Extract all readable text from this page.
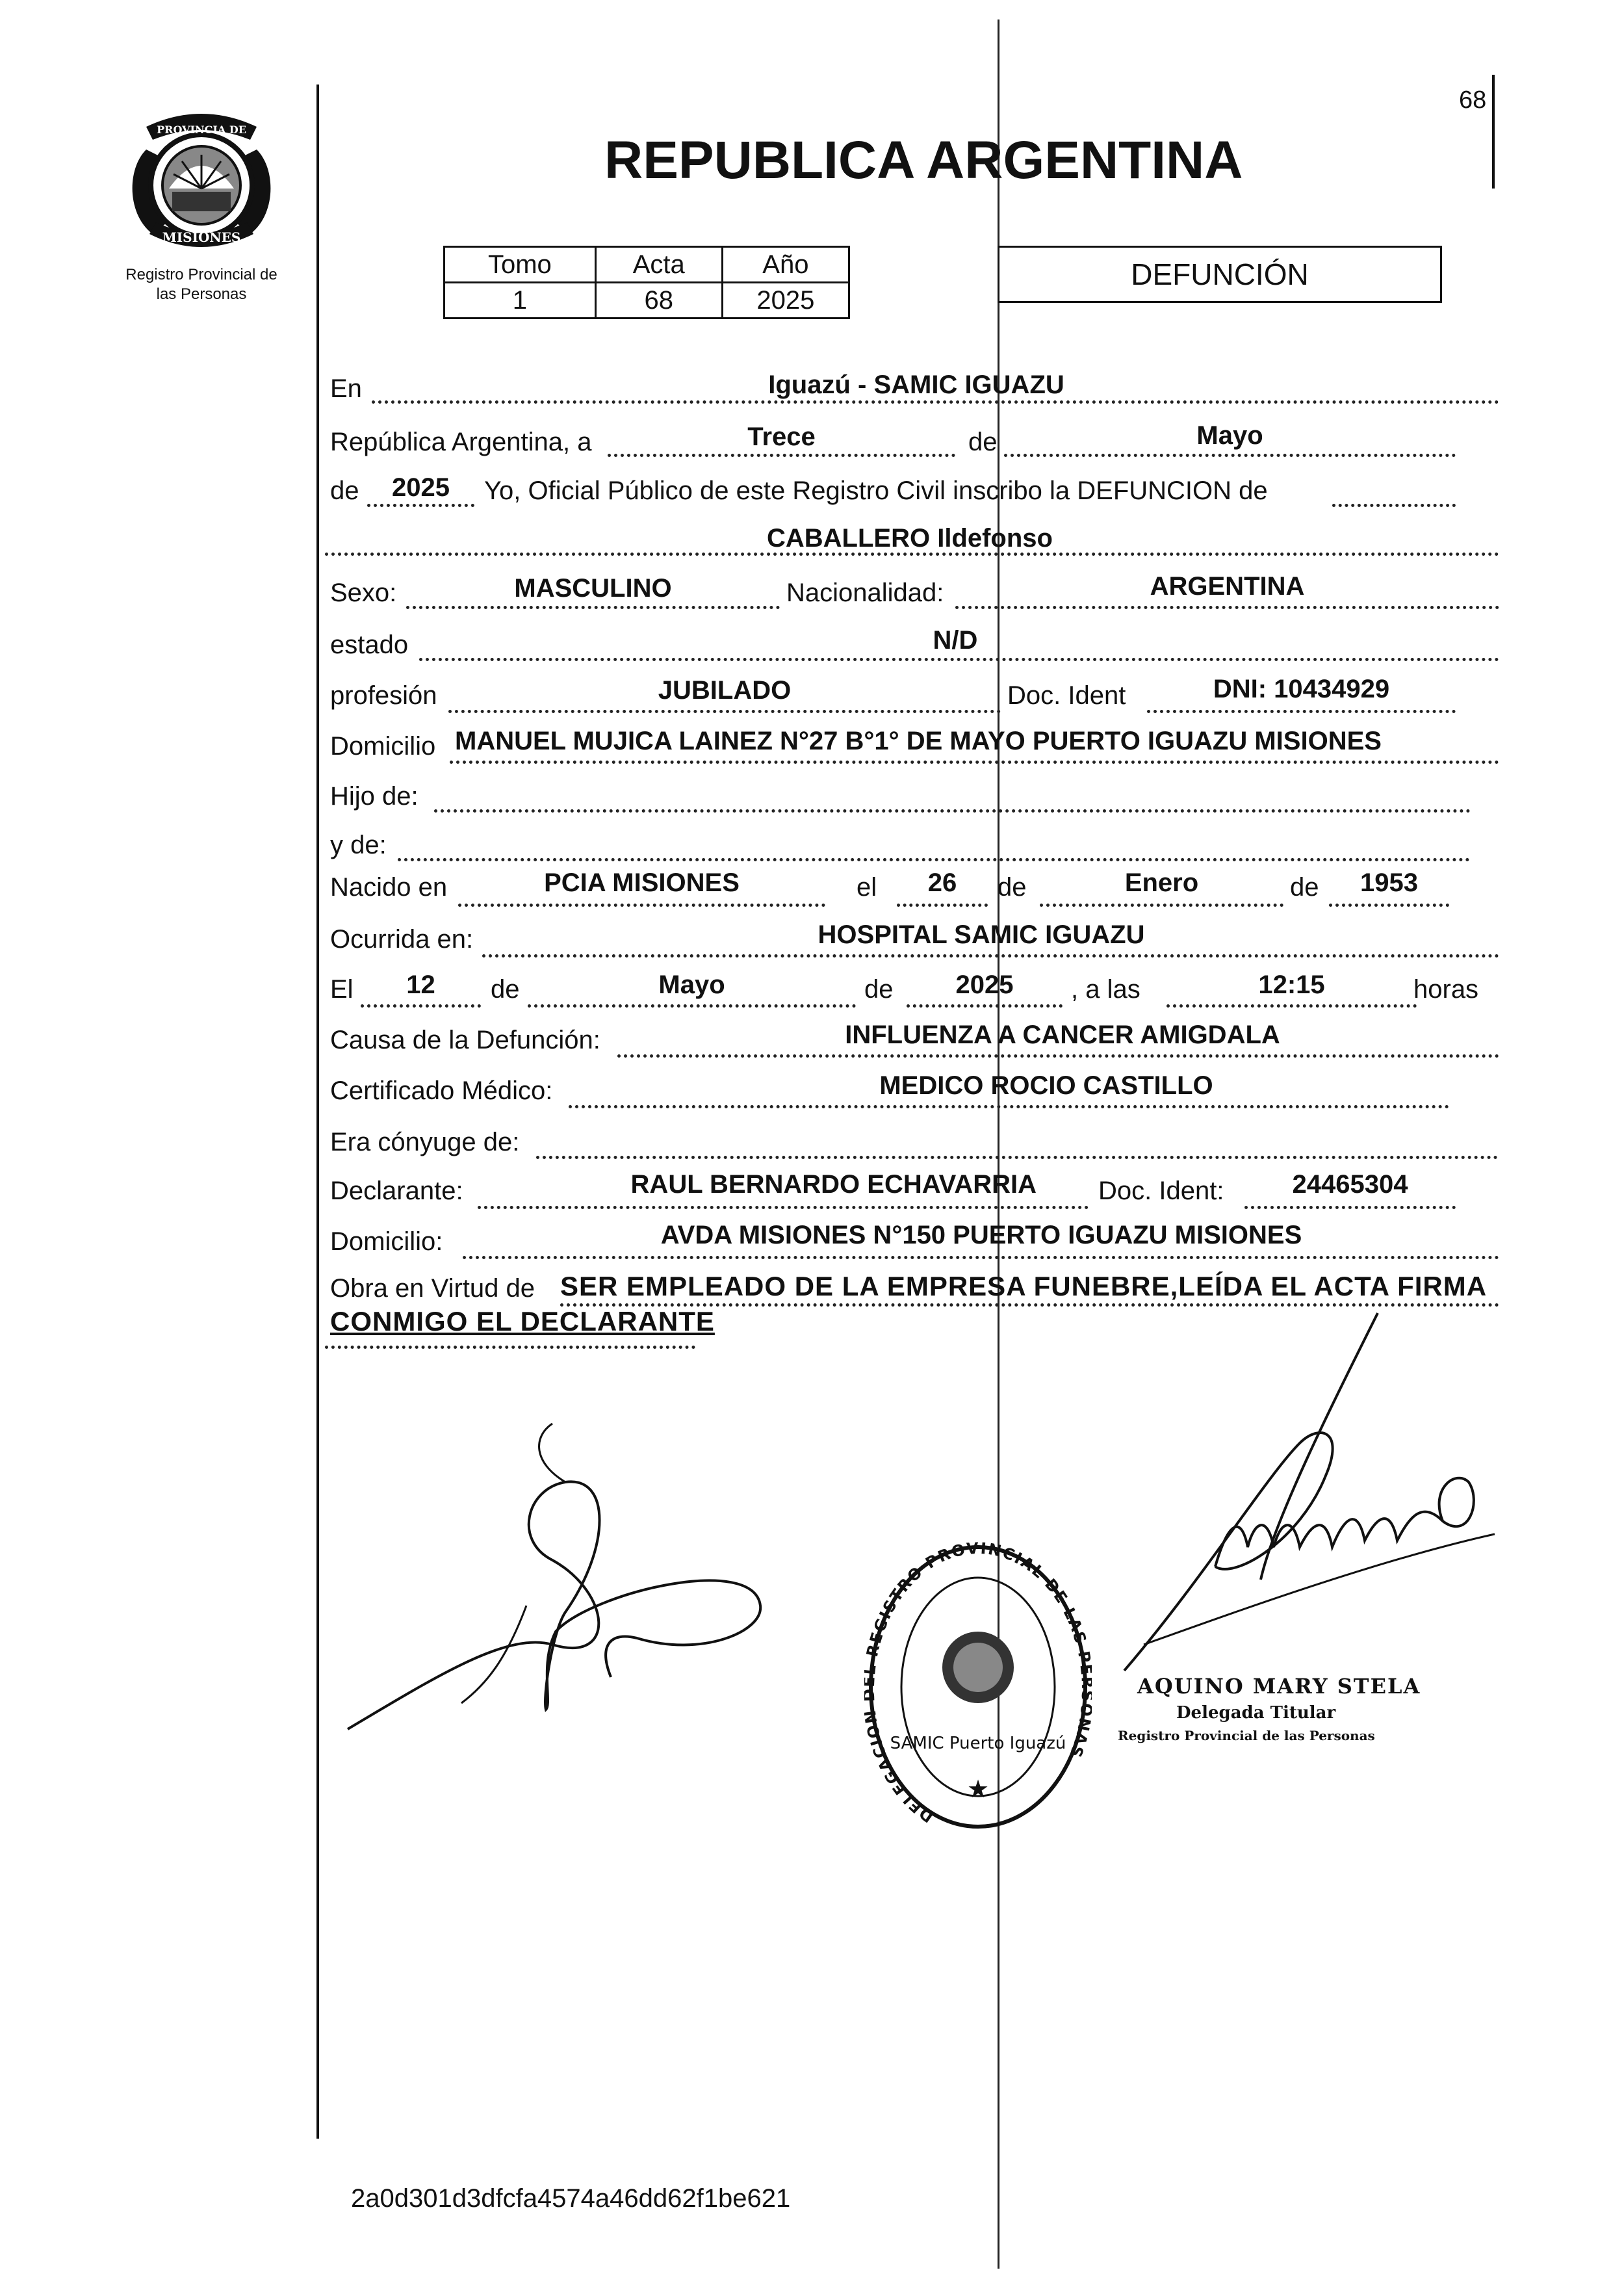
68
PROVINCIA DE
MISIONES
Registro Provincial de
las Personas
REPUBLICA ARGENTINA
Tomo	Acta	Año
1	68	2025
DEFUNCIÓN
En	Iguazú - SAMIC IGUAZU
República Argentina, a	Trece	de	Mayo
de	2025	Yo, Oficial Público de este Registro Civil inscribo la DEFUNCION de
CABALLERO Ildefonso
Sexo:	MASCULINO	Nacionalidad:	ARGENTINA
estado	N/D
profesión	JUBILADO	Doc. Ident	DNI: 10434929
Domicilio MANUEL MUJICA LAINEZ N°27 B°1° DE MAYO PUERTO IGUAZU MISIONES
Hijo de:
y de:
Nacido en	PCIA MISIONES	el	26	de	Enero	de	1953
Ocurrida en:	HOSPITAL SAMIC IGUAZU
El	12	de	Mayo	de	2025	, a las	12:15	horas
Causa de la Defunción:	INFLUENZA A CANCER AMIGDALA
Certificado Médico:	MEDICO ROCIO CASTILLO
Era cónyuge de:
Declarante:	RAUL BERNARDO ECHAVARRIA Doc. Ident:	24465304
Domicilio:	AVDA MISIONES N°150 PUERTO IGUAZU MISIONES
Obra en Virtud de SER EMPLEADO DE LA EMPRESA FUNEBRE,LEÍDA EL ACTA FIRMA
CONMIGO EL DECLARANTE
DELEGACIO REGISTRO PROVINCIAL DE LAS AS
SAMIC Puerto Iguazú
★
AQUINO MARY STELA
Delegada Titular
Registro Provincial de las Personas
2a0d301d3dfcfa4574a46dd62f1be621
